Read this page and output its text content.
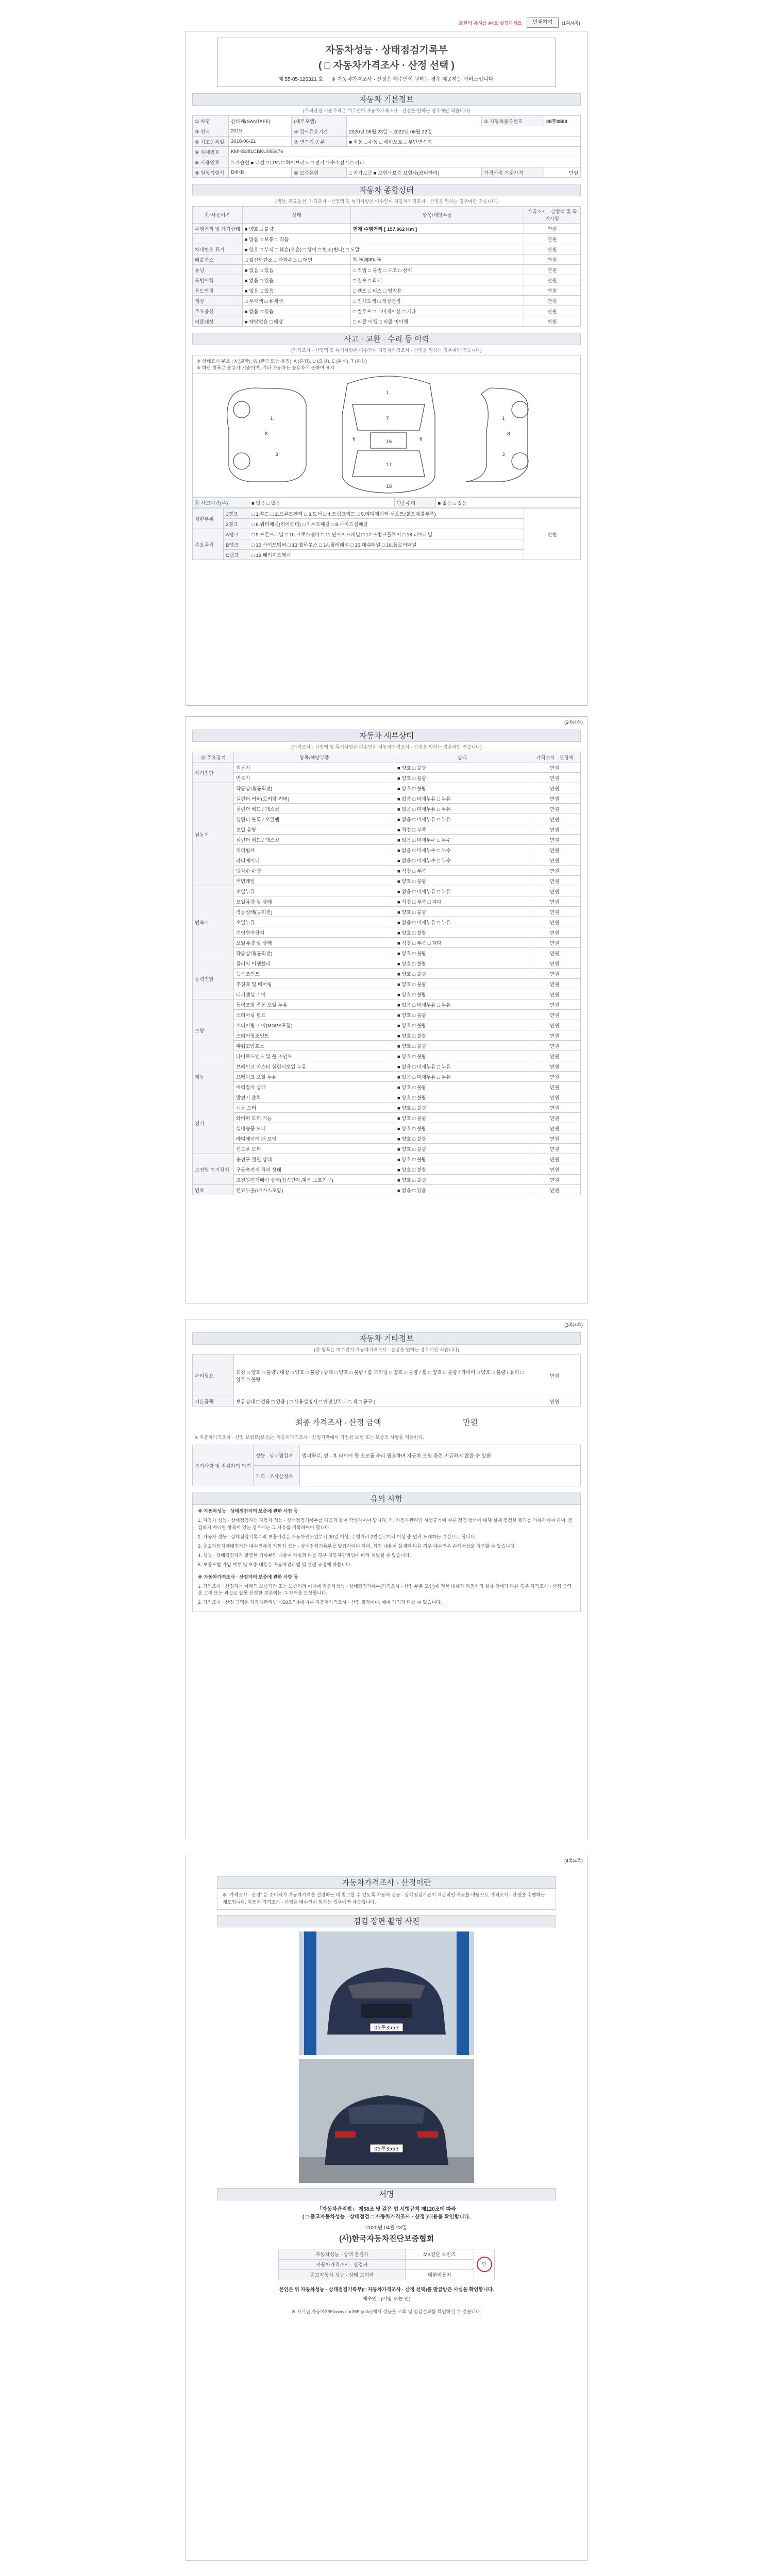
프린터 용지를 A4로 설정하세요	인쇄하기	(1쪽/4쪽)
자동차성능 · 상태점검기록부
( □ 자동차가격조사 · 산정 선택 )
제 55-05-126321 호 ※ 자동차가격조사 · 산정은 매수인이 원하는 경우 제공하는 서비스입니다.
자동차 기본정보
(가격산정 기준가격은 매수인이 자동차가격조사 · 산정을 원하는 경우에만 적습니다)
① 차명	산타페(SANTAFE)	(세부모델)		② 자동차등록번호	05무3553
③ 연식	2019	④ 검사유효기간	2020년 06월 23일 ~ 2022년 06월 22일		
⑤ 최초등록일	2018-06-21	⑦ 변속기 종류	■ 자동 □ 수동 □ 세미오토 □ 무단변속기		
⑥ 차대번호	KMHS381CBKU055476				
⑧ 사용연료	□ 가솔린 ■ 디젤 □ LPG □ 하이브리드 □ 전기 □ 수소전기 □ 기타				
⑨ 원동기형식	D4HB	⑩ 보증유형	□ 자가보증 ■ 보험사보증 보험사(코리안리)	가격산정 기준가격	만원
자동차 종합상태
(색상, 주요옵션, 가격조사 · 산정액 및 특기사항은 매수인이 자동차가격조사 · 산정을 원하는 경우에만 적습니다)
⑪ 사용이력	상태	항목/해당부품	가격조사 · 산정액 및 특기사항
주행거리 및 계기상태	■ 양호 □ 불량	현재 주행거리 [ 157,962 Km ]	만원
	■ 많음 □ 보통 □ 적음		만원
차대번호 표기	■ 양호 □ 부식 □ 훼손(오손) □ 상이 □ 변조(변타) □ 도말		만원
배출가스	□ 일산화탄소 □ 탄화수소 □ 매연	% % ppm, %	만원
튜닝	■ 없음 □ 있음	□ 적법 □ 불법 □ 구조 □ 장치	만원
특별이력	■ 없음 □ 있음	□ 침수 □ 화재	만원
용도변경	■ 없음 □ 있음	□ 렌트 □ 리스 □ 영업용	만원
색상	□ 무채색 □ 유채색	□ 전체도색 □ 색상변경	만원
주요옵션	■ 없음 □ 있음	□ 썬루프 □ 네비게이션 □ 기타	만원
리콜대상	■ 해당없음 □ 해당	□ 리콜 이행 □ 리콜 미이행	만원
사고 · 교환 · 수리 등 이력
(가격조사 · 산정액 및 특기사항은 매수인이 자동차가격조사 · 산정을 원하는 경우에만 적습니다)
※ 상태표시 부호 : X (교환), W (판금 또는 용접), A (흠집), U (요철), C (부식), T (손상)
※ 하단 항목은 승용차 기준이며, 기타 자동차는 승용차에 준하여 표시
1
3
8
1
7
16
17
18
6	6
1
3
8
⑫ 사고이력(주)	■ 없음 □ 있음	단순수리	■ 없음 □ 있음
외판부위	1랭크	□ 1.후드 □ 2.프론트펜더 □ 3.도어 □ 4.트렁크리드 □ 5.라디에이터 서포트(볼트체결부품)	만원
	2랭크	□ 6.쿼터패널(리어펜더) □ 7.루프패널 □ 8.사이드실패널	
주요골격	A랭크	□ 9.프론트패널 □ 10.크로스멤버 □ 11.인사이드패널 □ 17.트렁크플로어 □ 18.리어패널	
	B랭크	□ 12.사이드멤버 □ 13.휠하우스 □ 14.필러패널 □ 15.대쉬패널 □ 16.플로어패널	
	C랭크	□ 19.패키지트레이	
(2쪽/4쪽)
자동차 세부상태
(가격조사 · 산정액 및 특기사항은 매수인이 자동차가격조사 · 산정을 원하는 경우에만 적습니다)
⑬ 주요장치	항목/해당부품	상태	가격조사 · 산정액
자기진단	원동기	■ 양호 □ 불량	만원
	변속기	■ 양호 □ 불량	만원
원동기	작동상태(공회전)	■ 양호 □ 불량	만원
	실린더 커버(로커암 커버)	■ 없음 □ 미세누유 □ 누유	만원
	실린더 헤드 / 개스킷	■ 없음 □ 미세누유 □ 누유	만원
	실린더 블록 / 오일팬	■ 없음 □ 미세누유 □ 누유	만원
	오일 유량	■ 적정 □ 부족	만원
	실린더 헤드 / 개스킷	■ 없음 □ 미세누수 □ 누수	만원
	워터펌프	■ 없음 □ 미세누수 □ 누수	만원
	라디에이터	■ 없음 □ 미세누수 □ 누수	만원
	냉각수 수량	■ 적정 □ 부족	만원
	커먼레일	■ 양호 □ 불량	만원
변속기	오일누유	■ 없음 □ 미세누유 □ 누유	만원
	오일유량 및 상태	■ 적정 □ 부족 □ 과다	만원
	작동상태(공회전)	■ 양호 □ 불량	만원
	오일누유	■ 없음 □ 미세누유 □ 누유	만원
	기어변속장치	■ 양호 □ 불량	만원
	오일유량 및 상태	■ 적정 □ 부족 □ 과다	만원
	작동상태(공회전)	■ 양호 □ 불량	만원
동력전달	클러치 어셈블리	■ 양호 □ 불량	만원
	등속조인트	■ 양호 □ 불량	만원
	추진축 및 베어링	■ 양호 □ 불량	만원
	디퍼렌셜 기어	■ 양호 □ 불량	만원
조향	동력조향 작동 오일 누유	■ 없음 □ 미세누유 □ 누유	만원
	스티어링 펌프	■ 양호 □ 불량	만원
	스티어링 기어(MDPS포함)	■ 양호 □ 불량	만원
	스티어링조인트	■ 양호 □ 불량	만원
	파워고압호스	■ 양호 □ 불량	만원
	타이로드엔드 및 볼 조인트	■ 양호 □ 불량	만원
제동	브레이크 마스터 실린더오일 누유	■ 없음 □ 미세누유 □ 누유	만원
	브레이크 오일 누유	■ 없음 □ 미세누유 □ 누유	만원
	배력장치 상태	■ 양호 □ 불량	만원
전기	발전기 출력	■ 양호 □ 불량	만원
	시동 모터	■ 양호 □ 불량	만원
	와이퍼 모터 기능	■ 양호 □ 불량	만원
	실내송풍 모터	■ 양호 □ 불량	만원
	라디에이터 팬 모터	■ 양호 □ 불량	만원
	윈도우 모터	■ 양호 □ 불량	만원
고전원 전기장치	충전구 절연 상태	■ 양호 □ 불량	만원
	구동축전지 격리 상태	■ 양호 □ 불량	만원
	고전원전기배선 상태(접속단자,피복,보호기구)	■ 양호 □ 불량	만원
연료	연료누출(LP가스포함)	■ 없음 □ 있음	만원
(3쪽/4쪽)
자동차 기타정보
(⑭ 항목은 매수인이 자동차가격조사 · 산정을 원하는 경우에만 적습니다)
수리필요	외장 □ 양호 □ 불량 / 내장 □ 양호 □ 불량 / 광택 □ 양호 □ 불량 / 룸 크리닝 □ 양호 □ 불량 / 휠 □ 양호 □ 불량 / 타이어 □ 양호 □ 불량 / 유리 □ 양호 □ 불량	만원
기본품목	보유상태 □ 없음 □ 있음 ( □ 사용설명서 □ 안전삼각대 □ 잭 □ 공구 )	만원
최종 가격조사 · 산정 금액	만원
※ 자동차가격조사 · 산정 보험료(보증)는 자동차가격조사 · 산정기관에서 가입한 보험 또는 보증의 사항을 적용한다.
특기사항 및 점검자의 의견	성능 · 상태점검자	범퍼하부, 전 · 후 타이어 등 소모품 수리 필요하며 자동차 보험 관련 지급하지 않을 수 있음
	가격 · 조사산정자	
유의 사항

※ 자동차성능 · 상태점검자의 보증에 관한 사항 등

1. 자동차 성능 · 상태점검자는 자동차 성능 · 상태점검기록부를 다음과 같이 작성하여야 합니다. 가. 자동차관리법 시행규칙에 따른 점검 항목에 대해 실제 점검한 결과를 기록하여야 하며, 점검하지 아니한 항목이 있는 경우에는 그 사유를 기록하여야 합니다.

2. 자동차 성능 · 상태점검기록부의 보증기간은 자동차인도일부터 30일 이상, 주행거리 2천킬로미터 이상 중 먼저 도래하는 기간으로 합니다.

3. 중고자동차매매업자는 매수인에게 자동차 성능 · 상태점검기록부를 발급하여야 하며, 점검 내용이 실제와 다른 경우 매수인은 손해배상을 청구할 수 있습니다.

4. 성능 · 상태점검자가 발급한 기록부의 내용이 사실과 다를 경우 자동차관리법에 따라 처벌될 수 있습니다.

5. 보증보험 가입 여부 및 보증 내용은 자동차관리법 및 관련 규정에 따릅니다.

※ 자동차가격조사 · 산정자의 보증에 관한 사항 등

1. 가격조사 · 산정자는 아래의 보증기간 또는 보증거리 이내에 자동차성능 · 상태점검기록부(가격조사 · 산정 부분 포함)에 적힌 내용과 자동차의 실제 상태가 다른 경우 가격조사 · 산정 금액을 고의 또는 과실로 잘못 산정한 경우에는 그 차액을 보상합니다.

2. 가격조사 · 산정 금액은 자동차관리법 제58조의4에 따른 자동차가격조사 · 산정 결과이며, 매매 가격과 다를 수 있습니다.

(4쪽/4쪽)
자동차가격조사 · 산정이란
※ "가격조사 · 산정" 은 소비자가 자동차가격을 결정하는 데 참고할 수 있도록 자동차 성능 · 상태점검기관이 객관적인 자료를 바탕으로 가격조사 · 산정을 수행하는 제도입니다. 자동차 가격조사 · 산정은 매수인이 원하는 경우에만 제공됩니다.
점검 장면 촬영 사진
05무3553
05무3553
서명
「자동차관리법」 제58조 및 같은 법 시행규칙 제120조에 따라
( □ 중고자동차성능 · 상태점검 □ 자동차가격조사 · 산정 )내용을 확인합니다.
2020년 04월 23일
(사)한국자동차진단보증협회
자동차성능 · 상태 점검자	MK진단 로빈즈	인
자동차가격조사 · 산정자		
중고자동차 성능 · 상태 고지자	대한자동차	
본인은 위 자동차성능 · 상태점검기록부(□ 자동차가격조사 · 산정 선택)를 발급받은 사실을 확인합니다.
매수인 : (서명 또는 인)
※ 자기진 자동차365(www.car365.go.kr)에서 성능을 조회 및 점검결과를 확인하실 수 있습니다.
